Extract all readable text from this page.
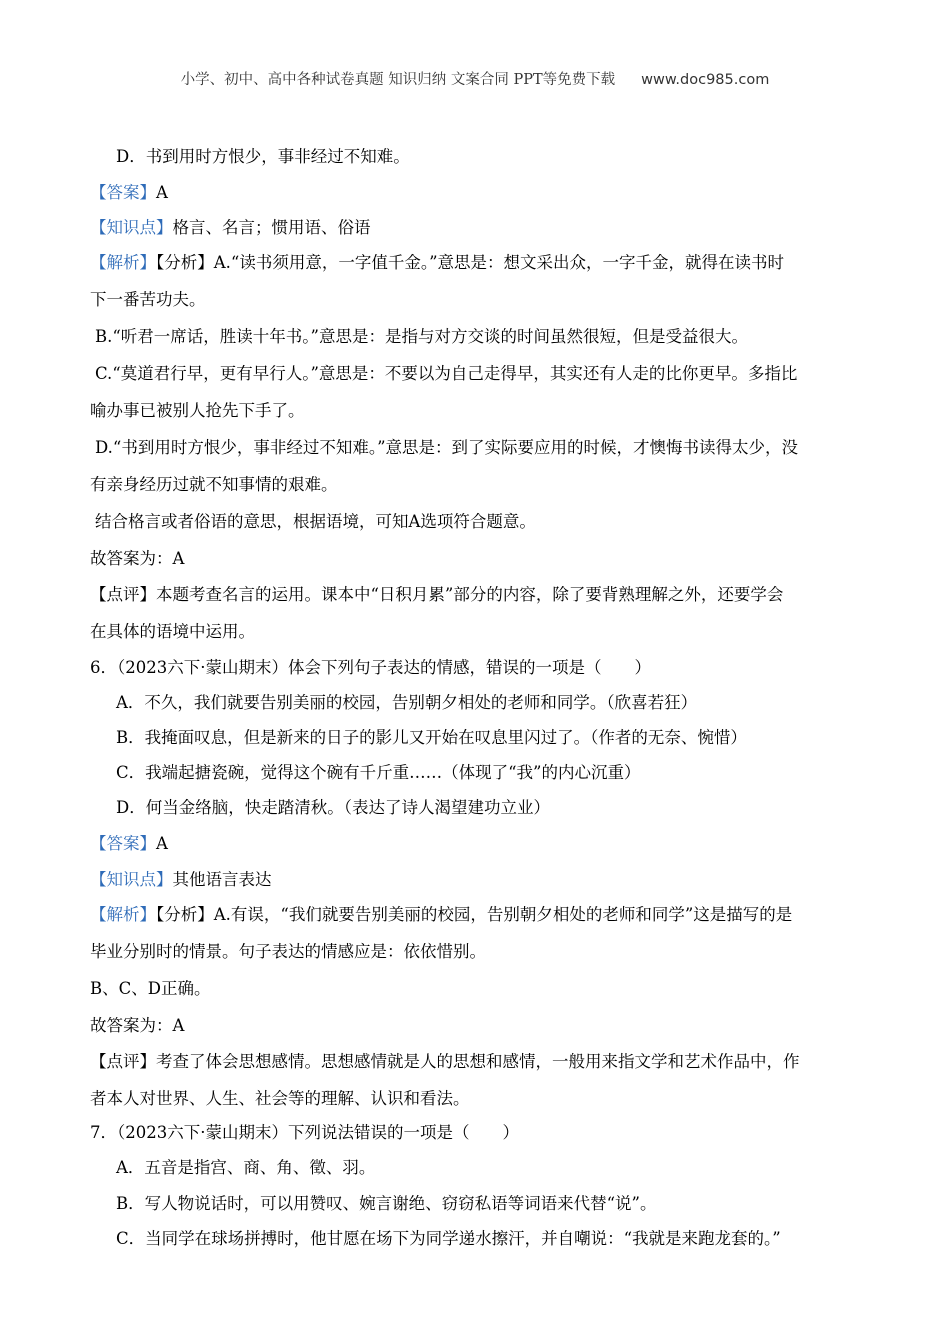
小学、初中、高中各种试卷真题 知识归纳 文案合同 PPT等免费下载 www.doc985.com
D．书到用时方恨少，事非经过不知难。
【答案】A
【知识点】格言、名言；惯用语、俗语
【解析】【分析】A.“读书须用意，一字值千金。”意思是：想文采出众，一字千金，就得在读书时
下一番苦功夫。
B.“听君一席话，胜读十年书。”意思是：是指与对方交谈的时间虽然很短，但是受益很大。
C.“莫道君行早，更有早行人。”意思是：不要以为自己走得早，其实还有人走的比你更早。多指比
喻办事已被别人抢先下手了。
D.“书到用时方恨少，事非经过不知难。”意思是：到了实际要应用的时候，才懊悔书读得太少，没
有亲身经历过就不知事情的艰难。
结合格言或者俗语的意思，根据语境，可知A选项符合题意。
故答案为：A
【点评】本题考查名言的运用。课本中“日积月累”部分的内容，除了要背熟理解之外，还要学会
在具体的语境中运用。
6．（2023六下·蒙山期末）体会下列句子表达的情感，错误的一项是（　　）
A．不久，我们就要告别美丽的校园，告别朝夕相处的老师和同学。（欣喜若狂）
B．我掩面叹息，但是新来的日子的影儿又开始在叹息里闪过了。（作者的无奈、惋惜）
C．我端起搪瓷碗，觉得这个碗有千斤重……（体现了“我”的内心沉重）
D．何当金络脑，快走踏清秋。（表达了诗人渴望建功立业）
【答案】A
【知识点】其他语言表达
【解析】【分析】A.有误，“我们就要告别美丽的校园，告别朝夕相处的老师和同学”这是描写的是
毕业分别时的情景。句子表达的情感应是：依依惜别。
B、C、D正确。
故答案为：A
【点评】考查了体会思想感情。思想感情就是人的思想和感情，一般用来指文学和艺术作品中，作
者本人对世界、人生、社会等的理解、认识和看法。
7．（2023六下·蒙山期末）下列说法错误的一项是（　　）
A．五音是指宫、商、角、徵、羽。
B．写人物说话时，可以用赞叹、婉言谢绝、窃窃私语等词语来代替“说”。
C．当同学在球场拼搏时，他甘愿在场下为同学递水擦汗，并自嘲说：“我就是来跑龙套的。”
